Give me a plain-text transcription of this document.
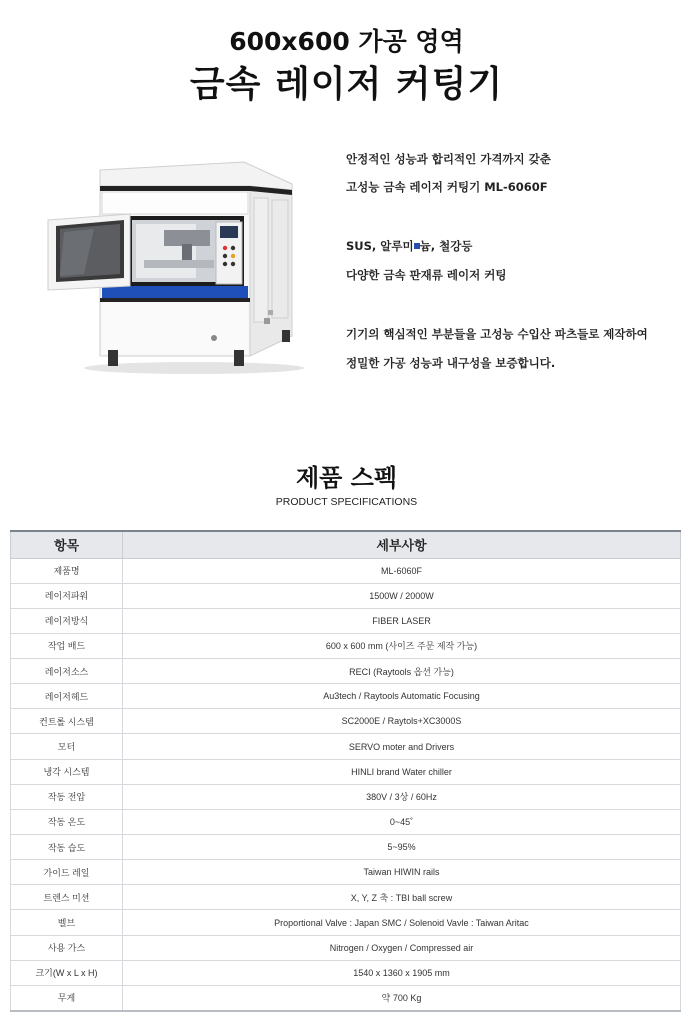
600x600 가공 영역
금속 레이저 커팅기
안정적인 성능과 합리적인 가격까지 갖춘
고성능 금속 레이저 커팅기 ML-6060F
SUS, 알루미 늄, 철강등
다양한 금속 판재류 레이저 커팅
기기의 핵심적인 부분들을 고성능 수입산 파츠들로 제작하여
정밀한 가공 성능과 내구성을 보증합니다.
제품 스펙
PRODUCT SPECIFICATIONS
항목	세부사항
제품명	ML-6060F
레이저파워	1500W / 2000W
레이저방식	FIBER LASER
작업 배드	600 x 600 mm (사이즈 주문 제작 가능)
레이저소스	RECI (Raytools 옵션 가능)
레이저헤드	Au3tech / Raytools Automatic Focusing
컨트롤 시스템	SC2000E / Raytols+XC3000S
모터	SERVO moter and Drivers
냉각 시스템	HINLI brand Water chiller
작동 전압	380V / 3상 / 60Hz
작동 온도	0~45˚
작동 습도	5~95%
가이드 레일	Taiwan HIWIN rails
트렌스 미션	X, Y, Z 축 : TBI ball screw
벨브	Proportional Valve : Japan SMC / Solenoid Vavle : Taiwan Aritac
사용 가스	Nitrogen / Oxygen / Compressed air
크기(W x L x H)	1540 x 1360 x 1905 mm
무게	약 700 Kg
